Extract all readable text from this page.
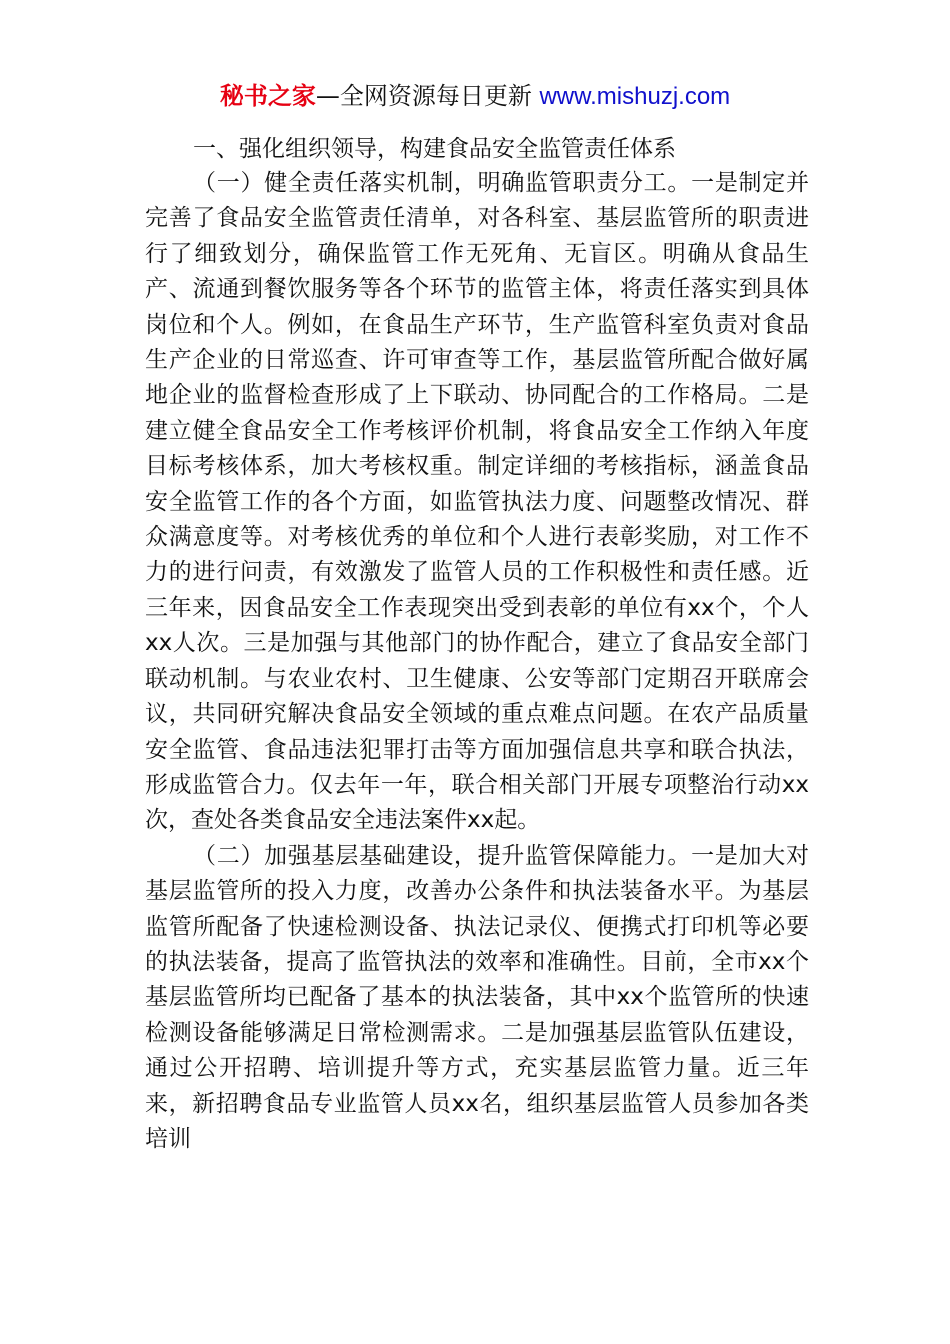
秘书之家—全网资源每日更新 www.mishuzj.com

一、强化组织领导，构建食品安全监管责任体系

（一）健全责任落实机制，明确监管职责分工。一是制定并完善了食品安全监管责任清单，对各科室、基层监管所的职责进行了细致划分，确保监管工作无死角、无盲区。明确从食品生产、流通到餐饮服务等各个环节的监管主体，将责任落实到具体岗位和个人。例如，在食品生产环节，生产监管科室负责对食品生产企业的日常巡查、许可审查等工作，基层监管所配合做好属地企业的监督检查形成了上下联动、协同配合的工作格局。二是建立健全食品安全工作考核评价机制，将食品安全工作纳入年度目标考核体系，加大考核权重。制定详细的考核指标，涵盖食品安全监管工作的各个方面，如监管执法力度、问题整改情况、群众满意度等。对考核优秀的单位和个人进行表彰奖励，对工作不力的进行问责，有效激发了监管人员的工作积极性和责任感。近三年来，因食品安全工作表现突出受到表彰的单位有xx个，个人xx人次。三是加强与其他部门的协作配合，建立了食品安全部门联动机制。与农业农村、卫生健康、公安等部门定期召开联席会议，共同研究解决食品安全领域的重点难点问题。在农产品质量安全监管、食品违法犯罪打击等方面加强信息共享和联合执法，形成监管合力。仅去年一年，联合相关部门开展专项整治行动xx次，查处各类食品安全违法案件xx起。

（二）加强基层基础建设，提升监管保障能力。一是加大对基层监管所的投入力度，改善办公条件和执法装备水平。为基层监管所配备了快速检测设备、执法记录仪、便携式打印机等必要的执法装备，提高了监管执法的效率和准确性。目前，全市xx个基层监管所均已配备了基本的执法装备，其中xx个监管所的快速检测设备能够满足日常检测需求。二是加强基层监管队伍建设，通过公开招聘、培训提升等方式，充实基层监管力量。近三年来，新招聘食品专业监管人员xx名，组织基层监管人员参加各类培训
